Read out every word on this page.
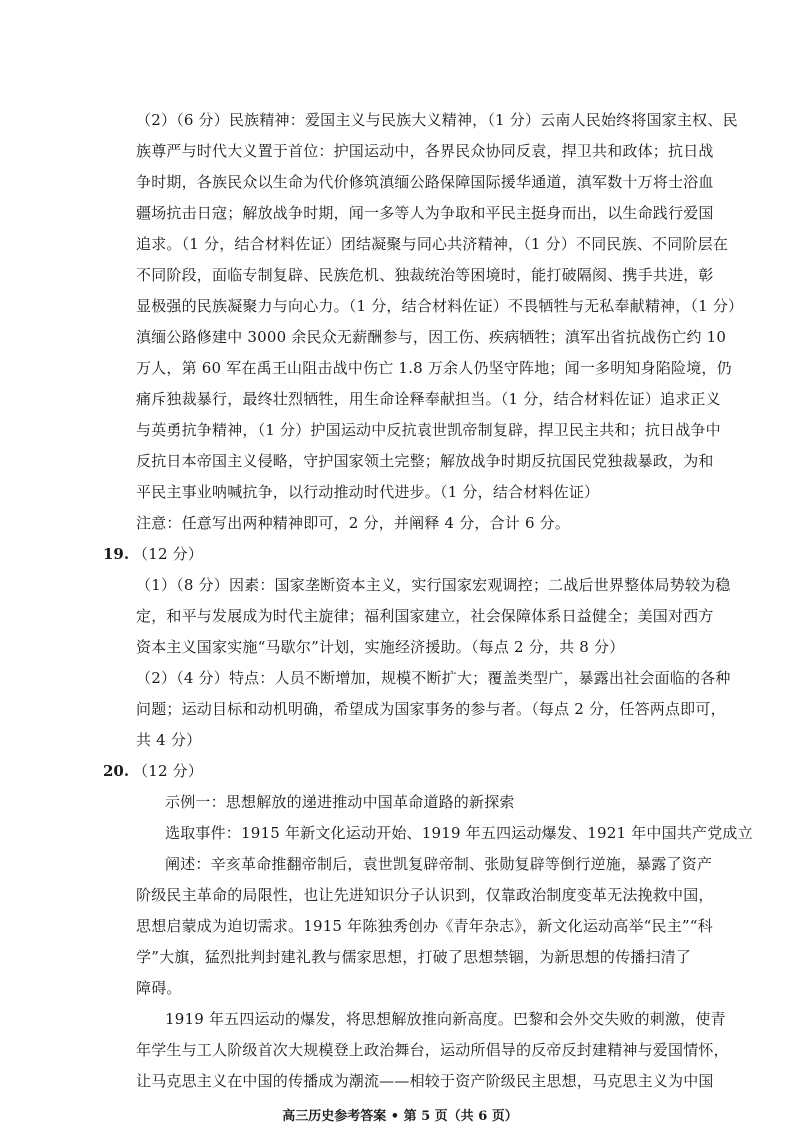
（2）（6 分）民族精神：爱国主义与民族大义精神，（1 分）云南人民始终将国家主权、民
族尊严与时代大义置于首位：护国运动中，各界民众协同反袁，捍卫共和政体；抗日战
争时期，各族民众以生命为代价修筑滇缅公路保障国际援华通道，滇军数十万将士浴血
疆场抗击日寇；解放战争时期，闻一多等人为争取和平民主挺身而出，以生命践行爱国
追求。（1 分，结合材料佐证）团结凝聚与同心共济精神，（1 分）不同民族、不同阶层在
不同阶段，面临专制复辟、民族危机、独裁统治等困境时，能打破隔阂、携手共进，彰
显极强的民族凝聚力与向心力。（1 分，结合材料佐证）不畏牺牲与无私奉献精神，（1 分）
滇缅公路修建中 3000 余民众无薪酬参与，因工伤、疾病牺牲；滇军出省抗战伤亡约 10
万人，第 60 军在禹王山阻击战中伤亡 1.8 万余人仍坚守阵地；闻一多明知身陷险境，仍
痛斥独裁暴行，最终壮烈牺牲，用生命诠释奉献担当。（1 分，结合材料佐证）追求正义
与英勇抗争精神，（1 分）护国运动中反抗袁世凯帝制复辟，捍卫民主共和；抗日战争中
反抗日本帝国主义侵略，守护国家领土完整；解放战争时期反抗国民党独裁暴政，为和
平民主事业呐喊抗争，以行动推动时代进步。（1 分，结合材料佐证）
注意：任意写出两种精神即可，2 分，并阐释 4 分，合计 6 分。
19. （12 分）
（1）（8 分）因素：国家垄断资本主义，实行国家宏观调控；二战后世界整体局势较为稳
定，和平与发展成为时代主旋律；福利国家建立，社会保障体系日益健全；美国对西方
资本主义国家实施“马歇尔”计划，实施经济援助。（每点 2 分，共 8 分）
（2）（4 分）特点：人员不断增加，规模不断扩大；覆盖类型广，暴露出社会面临的各种
问题；运动目标和动机明确，希望成为国家事务的参与者。（每点 2 分，任答两点即可，
共 4 分）
20. （12 分）
示例一：思想解放的递进推动中国革命道路的新探索
选取事件：1915 年新文化运动开始、1919 年五四运动爆发、1921 年中国共产党成立
阐述：辛亥革命推翻帝制后，袁世凯复辟帝制、张勋复辟等倒行逆施，暴露了资产
阶级民主革命的局限性，也让先进知识分子认识到，仅靠政治制度变革无法挽救中国，
思想启蒙成为迫切需求。1915 年陈独秀创办《青年杂志》，新文化运动高举“民主”“科
学”大旗，猛烈批判封建礼教与儒家思想，打破了思想禁锢，为新思想的传播扫清了
障碍。
1919 年五四运动的爆发，将思想解放推向新高度。巴黎和会外交失败的刺激，使青
年学生与工人阶级首次大规模登上政治舞台，运动所倡导的反帝反封建精神与爱国情怀，
让马克思主义在中国的传播成为潮流——相较于资产阶级民主思想，马克思主义为中国
高三历史参考答案 • 第 5 页（共 6 页）
